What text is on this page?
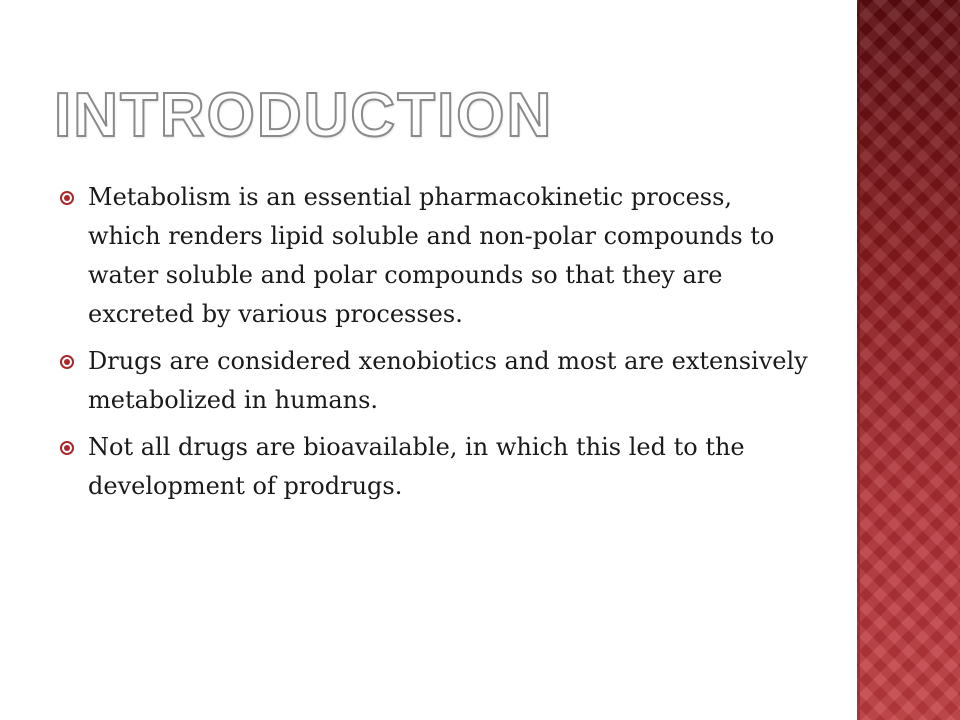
INTRODUCTION
Metabolism is an essential pharmacokinetic process, which renders lipid soluble and non-polar compounds to water soluble and polar compounds so that they are excreted by various processes.
Drugs are considered xenobiotics and most are extensively metabolized in humans.
Not all drugs are bioavailable, in which this led to the development of prodrugs.
